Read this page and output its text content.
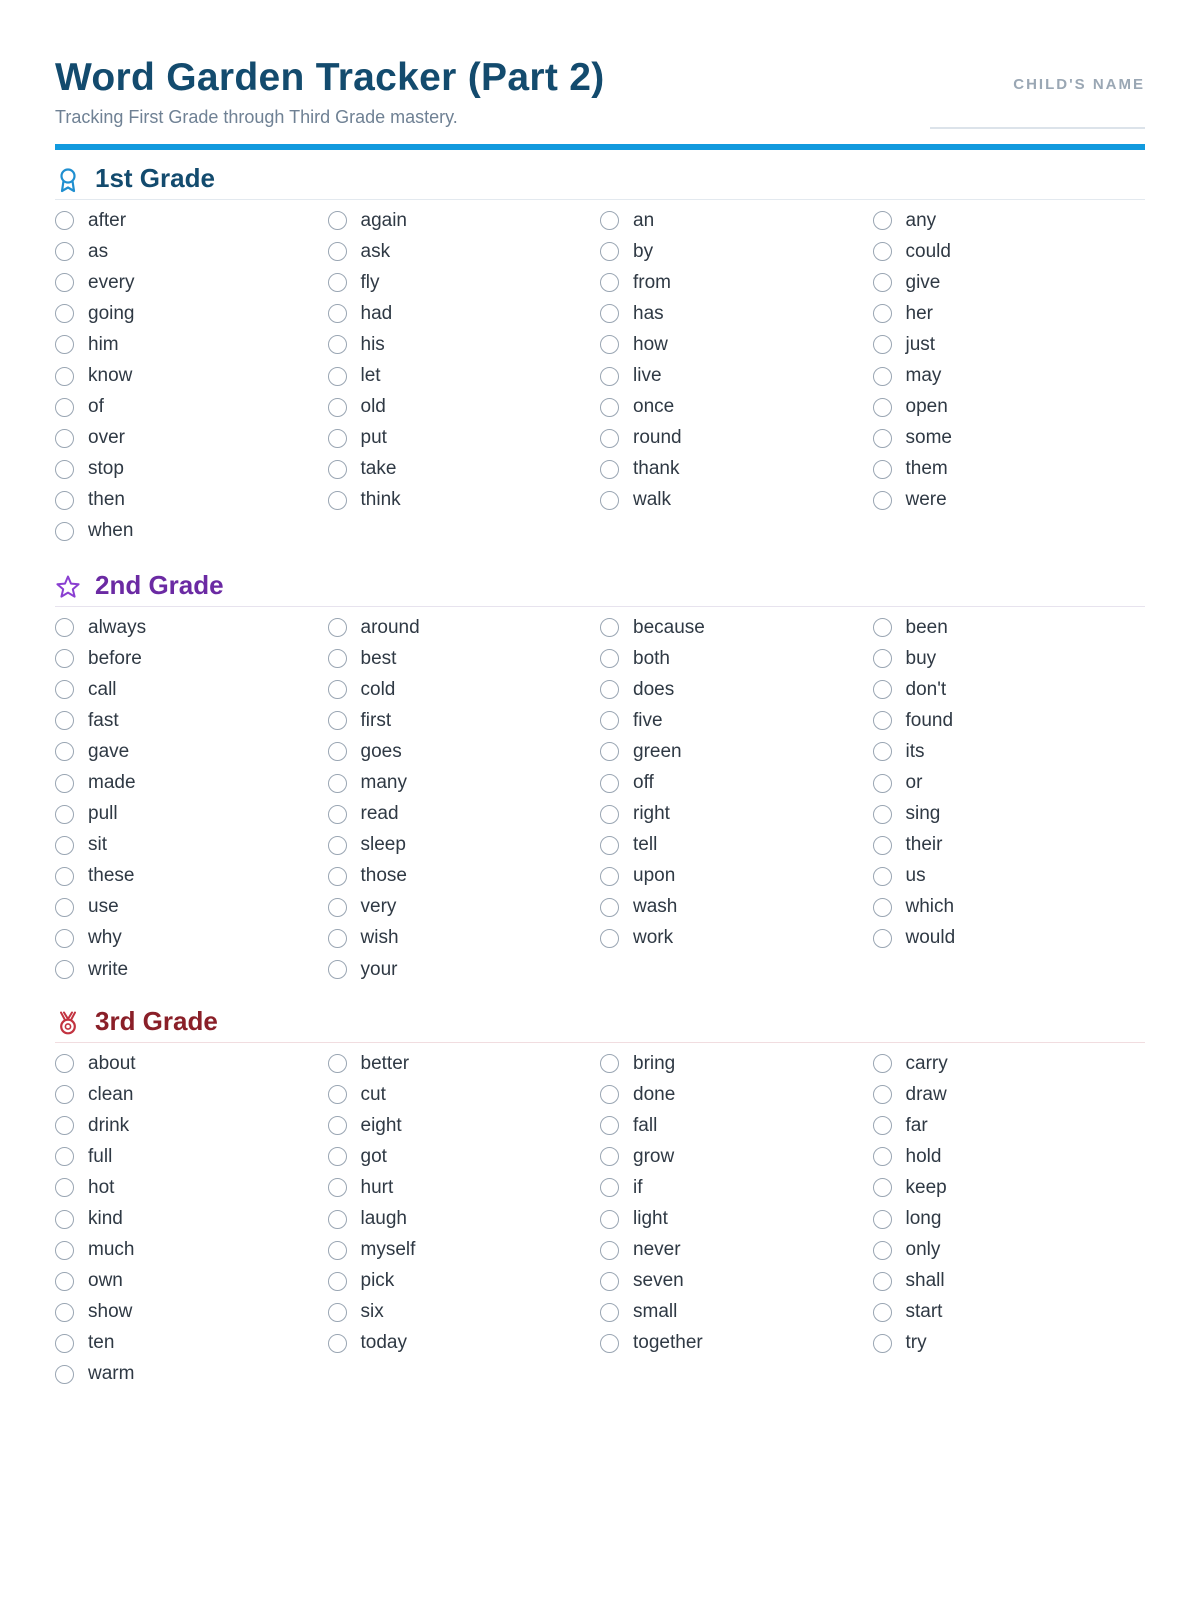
Word Garden Tracker (Part 2)
Tracking First Grade through Third Grade mastery.
CHILD'S NAME
1st Grade
after	again	an	any
as	ask	by	could
every	fly	from	give
going	had	has	her
him	his	how	just
know	let	live	may
of	old	once	open
over	put	round	some
stop	take	thank	them
then	think	walk	were
when
2nd Grade
always	around	because	been
before	best	both	buy
call	cold	does	don't
fast	first	five	found
gave	goes	green	its
made	many	off	or
pull	read	right	sing
sit	sleep	tell	their
these	those	upon	us
use	very	wash	which
why	wish	work	would
write	your
3rd Grade
about	better	bring	carry
clean	cut	done	draw
drink	eight	fall	far
full	got	grow	hold
hot	hurt	if	keep
kind	laugh	light	long
much	myself	never	only
own	pick	seven	shall
show	six	small	start
ten	today	together	try
warm
